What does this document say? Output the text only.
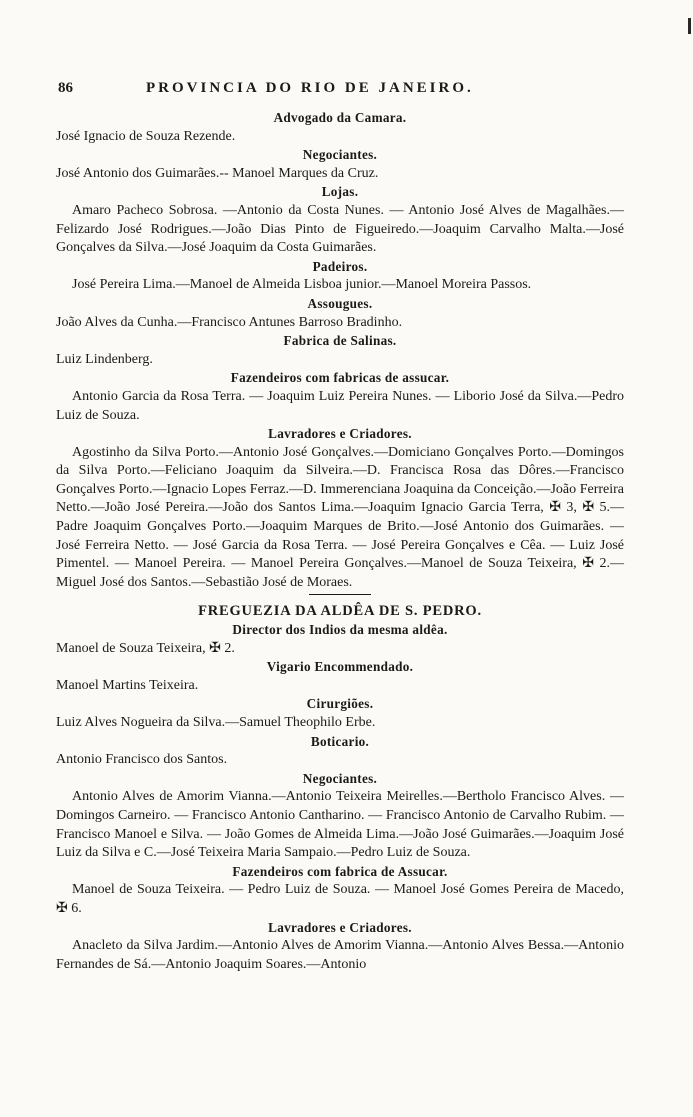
86	PROVINCIA DO RIO DE JANEIRO.
Advogado da Camara.
José Ignacio de Souza Rezende.
Negociantes.
José Antonio dos Guimarães.-- Manoel Marques da Cruz.
Lojas.
Amaro Pacheco Sobrosa. —Antonio da Costa Nunes. — Antonio José Alves de Magalhães.—Felizardo José Rodrigues.—João Dias Pinto de Figueiredo.—Joaquim Carvalho Malta.—José Gonçalves da Silva.—José Joaquim da Costa Guimarães.
Padeiros.
José Pereira Lima.—Manoel de Almeida Lisboa junior.—Manoel Moreira Passos.
Assougues.
João Alves da Cunha.—Francisco Antunes Barroso Bradinho.
Fabrica de Salinas.
Luiz Lindenberg.
Fazendeiros com fabricas de assucar.
Antonio Garcia da Rosa Terra. — Joaquim Luiz Pereira Nunes. — Liborio José da Silva.—Pedro Luiz de Souza.
Lavradores e Criadores.
Agostinho da Silva Porto.—Antonio José Gonçalves.—Domiciano Gonçalves Porto.—Domingos da Silva Porto.—Feliciano Joaquim da Silveira.—D. Francisca Rosa das Dôres.—Francisco Gonçalves Porto.—Ignacio Lopes Ferraz.—D. Immerenciana Joaquina da Conceição.—João Ferreira Netto.—João José Pereira.—João dos Santos Lima.—Joaquim Ignacio Garcia Terra, ✠ 3, ✠ 5.—Padre Joaquim Gonçalves Porto.—Joaquim Marques de Brito.—José Antonio dos Guimarães. — José Ferreira Netto. — José Garcia da Rosa Terra. — José Pereira Gonçalves e Cêa. — Luiz José Pimentel. — Manoel Pereira. — Manoel Pereira Gonçalves.—Manoel de Souza Teixeira, ✠ 2.—Miguel José dos Santos.—Sebastião José de Moraes.
FREGUEZIA DA ALDÊA DE S. PEDRO.
Director dos Indios da mesma aldêa.
Manoel de Souza Teixeira, ✠ 2.
Vigario Encommendado.
Manoel Martins Teixeira.
Cirurgiões.
Luiz Alves Nogueira da Silva.—Samuel Theophilo Erbe.
Boticario.
Antonio Francisco dos Santos.
Negociantes.
Antonio Alves de Amorim Vianna.—Antonio Teixeira Meirelles.—Bertholo Francisco Alves. — Domingos Carneiro. — Francisco Antonio Cantharino. — Francisco Antonio de Carvalho Rubim. — Francisco Manoel e Silva. — João Gomes de Almeida Lima.—João José Guimarães.—Joaquim José Luiz da Silva e C.—José Teixeira Maria Sampaio.—Pedro Luiz de Souza.
Fazendeiros com fabrica de Assucar.
Manoel de Souza Teixeira. — Pedro Luiz de Souza. — Manoel José Gomes Pereira de Macedo, ✠ 6.
Lavradores e Criadores.
Anacleto da Silva Jardim.—Antonio Alves de Amorim Vianna.—Antonio Alves Bessa.—Antonio Fernandes de Sá.—Antonio Joaquim Soares.—Antonio
